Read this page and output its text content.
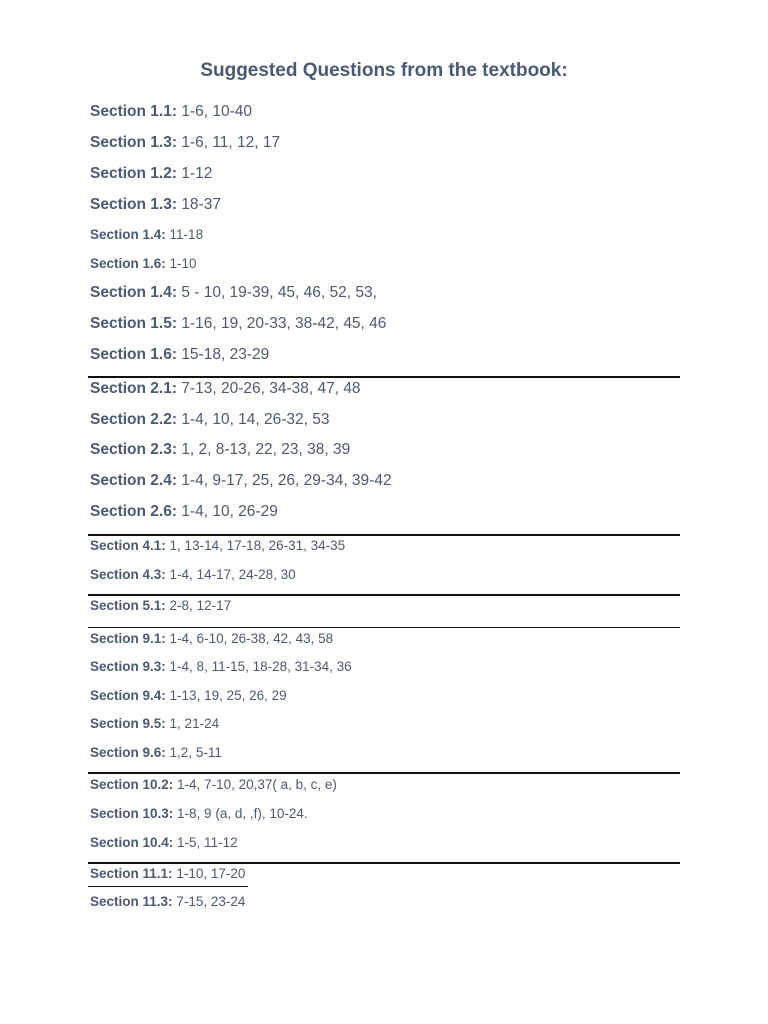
Suggested Questions from the textbook:
Section 1.1: 1-6, 10-40
Section 1.3: 1-6, 11, 12, 17
Section 1.2: 1-12
Section 1.3: 18-37
Section 1.4: 11-18
Section 1.6: 1-10
Section 1.4: 5 - 10, 19-39, 45, 46, 52, 53,
Section 1.5: 1-16, 19, 20-33, 38-42, 45, 46
Section 1.6: 15-18, 23-29
Section 2.1: 7-13, 20-26, 34-38, 47, 48
Section 2.2: 1-4, 10, 14, 26-32, 53
Section 2.3: 1, 2, 8-13, 22, 23, 38, 39
Section 2.4: 1-4, 9-17, 25, 26, 29-34, 39-42
Section 2.6: 1-4, 10, 26-29
Section 4.1: 1, 13-14, 17-18, 26-31, 34-35
Section 4.3: 1-4, 14-17, 24-28, 30
Section 5.1: 2-8, 12-17
Section 9.1: 1-4, 6-10, 26-38, 42, 43, 58
Section 9.3: 1-4, 8, 11-15, 18-28, 31-34, 36
Section 9.4: 1-13, 19, 25, 26, 29
Section 9.5: 1, 21-24
Section 9.6: 1,2, 5-11
Section 10.2: 1-4, 7-10, 20,37( a, b, c, e)
Section 10.3: 1-8, 9 (a, d, ,f), 10-24.
Section 10.4: 1-5, 11-12
Section 11.1: 1-10, 17-20
Section 11.3: 7-15, 23-24
